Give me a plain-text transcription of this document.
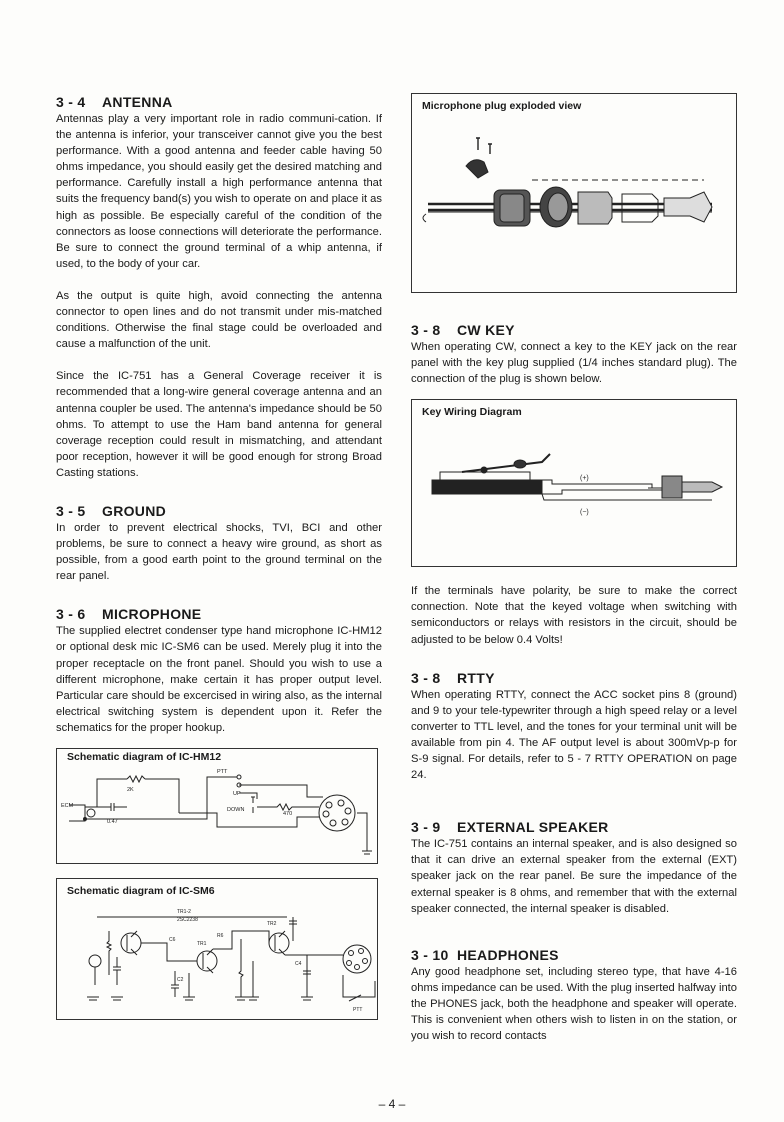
3 - 4 ANTENNA

Antennas play a very important role in radio communi-cation. If the antenna is inferior, your transceiver cannot give you the best performance. With a good antenna and feeder cable having 50 ohms impedance, you should easily get the desired matching and performance. Carefully install a high performance antenna that suits the frequency band(s) you wish to operate on and place it as high as possible. Be especially careful of the condition of the connectors as loose connections will deteriorate the performance. Be sure to connect the ground terminal of a whip antenna, if used, to the body of your car.

As the output is quite high, avoid connecting the antenna connector to open lines and do not transmit under mis-matched conditions. Otherwise the final stage could be overloaded and cause a malfunction of the unit.

Since the IC-751 has a General Coverage receiver it is recommended that a long-wire general coverage antenna and an antenna coupler be used. The antenna's impedance should be 50 ohms. To attempt to use the Ham band antenna for general coverage reception could result in mismatching, and attendant poor reception, however it will be good enough for strong Broad Casting stations.

3 - 5 GROUND

In order to prevent electrical shocks, TVI, BCI and other problems, be sure to connect a heavy wire ground, as short as possible, from a good earth point to the ground terminal on the rear panel.

3 - 6 MICROPHONE

The supplied electret condenser type hand microphone IC-HM12 or optional desk mic IC-SM6 can be used. Merely plug it into the proper receptacle on the front panel. Should you wish to use a different microphone, make certain it has proper output level. Particular care should be excercised in wiring also, as the internal electrical switching system is dependent upon it. Refer the schematics for the proper hookup.

Schematic diagram of IC-HM12
ECM
2K
0.47
PTT
UP
DOWN
470
Schematic diagram of IC-SM6
TR1-2
2SC2238
TR2
TR1
R6
C6
C4
C2
PTT
Microphone plug exploded view
3 - 8 CW KEY

When operating CW, connect a key to the KEY jack on the rear panel with the key plug supplied (1/4 inches standard plug). The connection of the plug is shown below.

Key Wiring Diagram
(+)
(−)

If the terminals have polarity, be sure to make the correct connection. Note that the keyed voltage when switching with semiconductors or relays with resistors in the circuit, should be adjusted to be below 0.4 Volts!

3 - 8 RTTY

When operating RTTY, connect the ACC socket pins 8 (ground) and 9 to your tele-typewriter through a high speed relay or a level converter to TTL level, and the tones for your terminal unit will be available from pin 4. The AF output level is about 300mVp-p for S-9 signal. For details, refer to 5 - 7 RTTY OPERATION on page 24.

3 - 9 EXTERNAL SPEAKER

The IC-751 contains an internal speaker, and is also designed so that it can drive an external speaker from the external (EXT) speaker jack on the rear panel. Be sure the impedance of the external speaker is 8 ohms, and remember that with the external speaker connected, the internal speaker is disabled.

3 - 10 HEADPHONES

Any good headphone set, including stereo type, that have 4-16 ohms impedance can be used. With the plug inserted halfway into the PHONES jack, both the headphone and speaker will operate. This is convenient when others wish to listen in on the station, or you wish to record contacts

– 4 –
